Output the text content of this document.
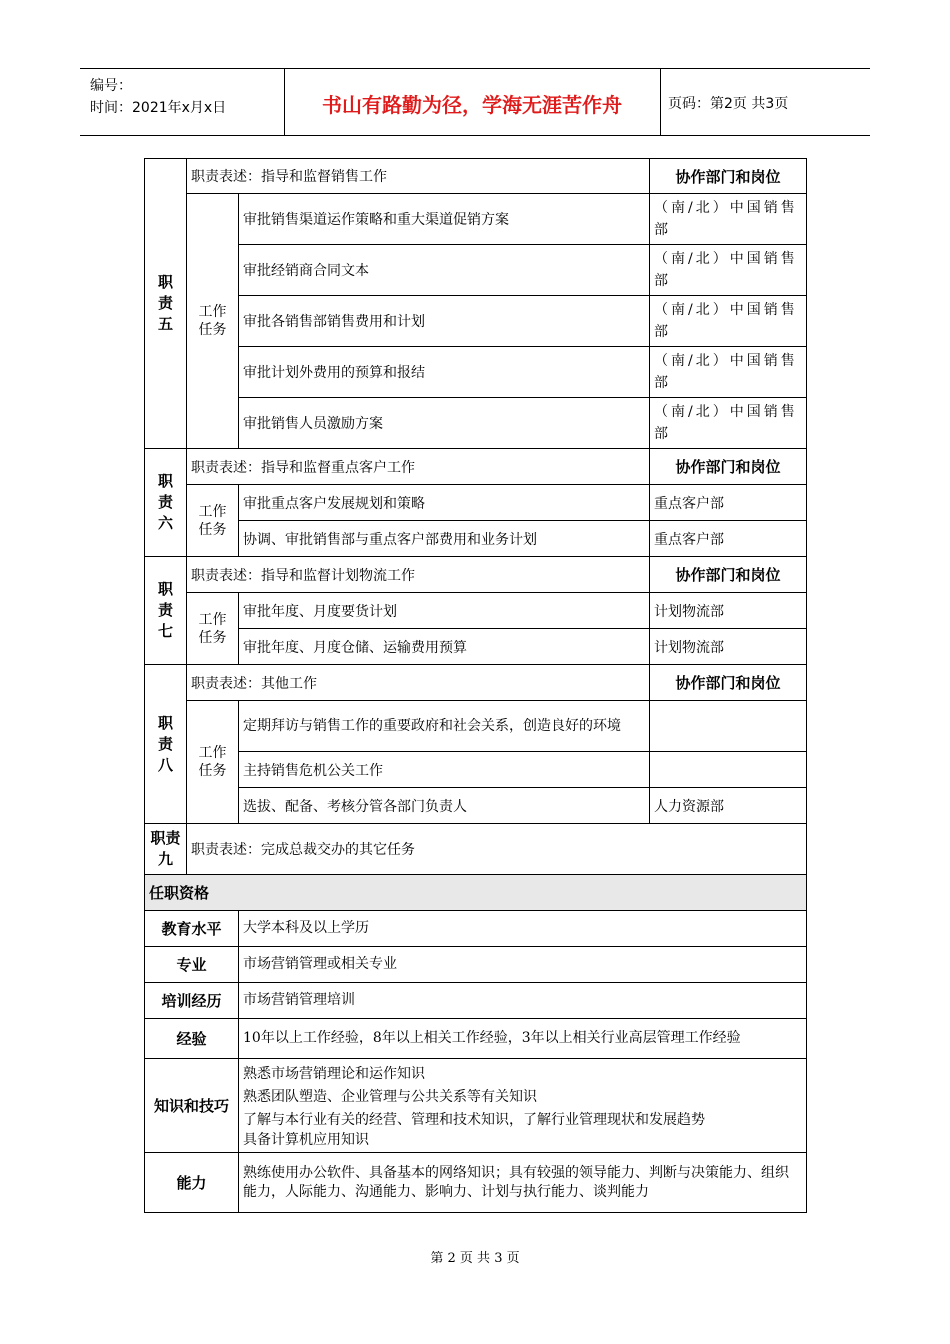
编号：
时间：2021年x月x日	书山有路勤为径，学海无涯苦作舟	页码：第2页 共3页
职责五	职责表述：指导和监督销售工作		协作部门和岗位
	工作任务	审批销售渠道运作策略和重大渠道促销方案	（南/北）中国销售部
		审批经销商合同文本	（南/北）中国销售部
		审批各销售部销售费用和计划	（南/北）中国销售部
		审批计划外费用的预算和报结	（南/北）中国销售部
		审批销售人员激励方案	（南/北）中国销售部
职责六	职责表述：指导和监督重点客户工作		协作部门和岗位
	工作任务	审批重点客户发展规划和策略	重点客户部
		协调、审批销售部与重点客户部费用和业务计划	重点客户部
职责七	职责表述：指导和监督计划物流工作		协作部门和岗位
	工作任务	审批年度、月度要货计划	计划物流部
		审批年度、月度仓储、运输费用预算	计划物流部
职责八	职责表述：其他工作		协作部门和岗位
	工作任务	定期拜访与销售工作的重要政府和社会关系，创造良好的环境	
		主持销售危机公关工作	
		选拔、配备、考核分管各部门负责人	人力资源部
职责九	职责表述：完成总裁交办的其它任务		
任职资格			
教育水平		大学本科及以上学历	
专业		市场营销管理或相关专业	
培训经历		市场营销管理培训	
经验		10年以上工作经验，8年以上相关工作经验，3年以上相关行业高层管理工作经验	
知识和技巧		熟悉市场营销理论和运作知识
熟悉团队塑造、企业管理与公共关系等有关知识
了解与本行业有关的经营、管理和技术知识，了解行业管理现状和发展趋势
具备计算机应用知识	

能力		熟练使用办公软件、具备基本的网络知识；具有较强的领导能力、判断与决策能力、组织能力，人际能力、沟通能力、影响力、计划与执行能力、谈判能力	
第 2 页 共 3 页
